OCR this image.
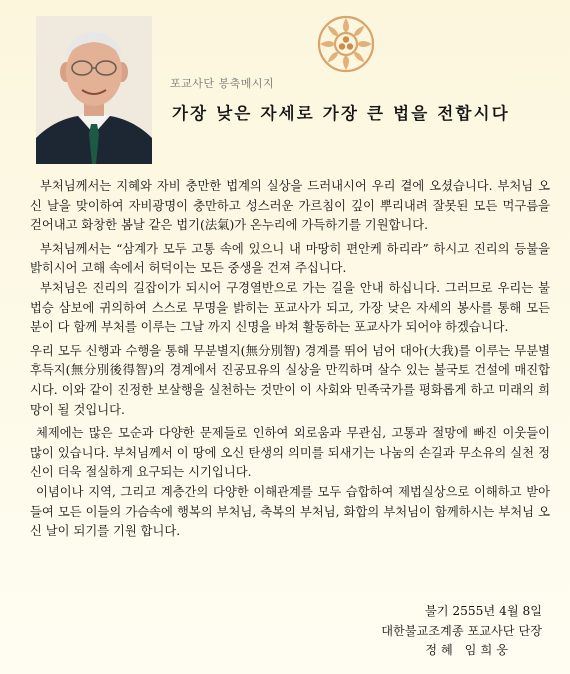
포교사단 봉축메시지
가장 낮은 자세로 가장 큰 법을 전합시다

부처님께서는 지혜와 자비 충만한 법계의 실상을 드러내시어 우리 곁에 오셨습니다. 부처님 오신 날을 맞이하여 자비광명이 충만하고 성스러운 가르침이 깊이 뿌리내려 잘못된 모든 먹구름을 걷어내고 화창한 봄날 같은 법기(法氣)가 온누리에 가득하기를 기원합니다.

부처님께서는 “삼계가 모두 고통 속에 있으니 내 마땅히 편안케 하리라” 하시고 진리의 등불을 밝히시어 고해 속에서 허덕이는 모든 중생을 건져 주십니다.

부처님은 진리의 길잡이가 되시어 구경열반으로 가는 길을 안내 하십니다. 그러므로 우리는 불법승 삼보에 귀의하여 스스로 무명을 밝히는 포교사가 되고, 가장 낮은 자세의 봉사를 통해 모든 분이 다 함께 부처를 이루는 그날 까지 신명을 바쳐 활동하는 포교사가 되어야 하겠습니다.

우리 모두 신행과 수행을 통해 무분별지(無分別智) 경계를 뛰어 넘어 대아(大我)를 이루는 무분별후득지(無分別後得智)의 경계에서 진공묘유의 실상을 만끽하며 살수 있는 불국토 건설에 매진합시다. 이와 같이 진정한 보살행을 실천하는 것만이 이 사회와 민족국가를 평화롭게 하고 미래의 희망이 될 것입니다.

체제에는 많은 모순과 다양한 문제들로 인하여 외로움과 무관심, 고통과 절망에 빠진 이웃들이 많이 있습니다. 부처님께서 이 땅에 오신 탄생의 의미를 되새기는 나눔의 손길과 무소유의 실천 정신이 더욱 절실하게 요구되는 시기입니다.

이념이나 지역, 그리고 계층간의 다양한 이해관계를 모두 습합하여 제법실상으로 이해하고 받아들여 모든 이들의 가슴속에 행복의 부처님, 축복의 부처님, 화합의 부처님이 함께하시는 부처님 오신 날이 되기를 기원 합니다.

불기 2555년 4월 8일
대한불교조계종 포교사단 단장
정혜 임희웅
